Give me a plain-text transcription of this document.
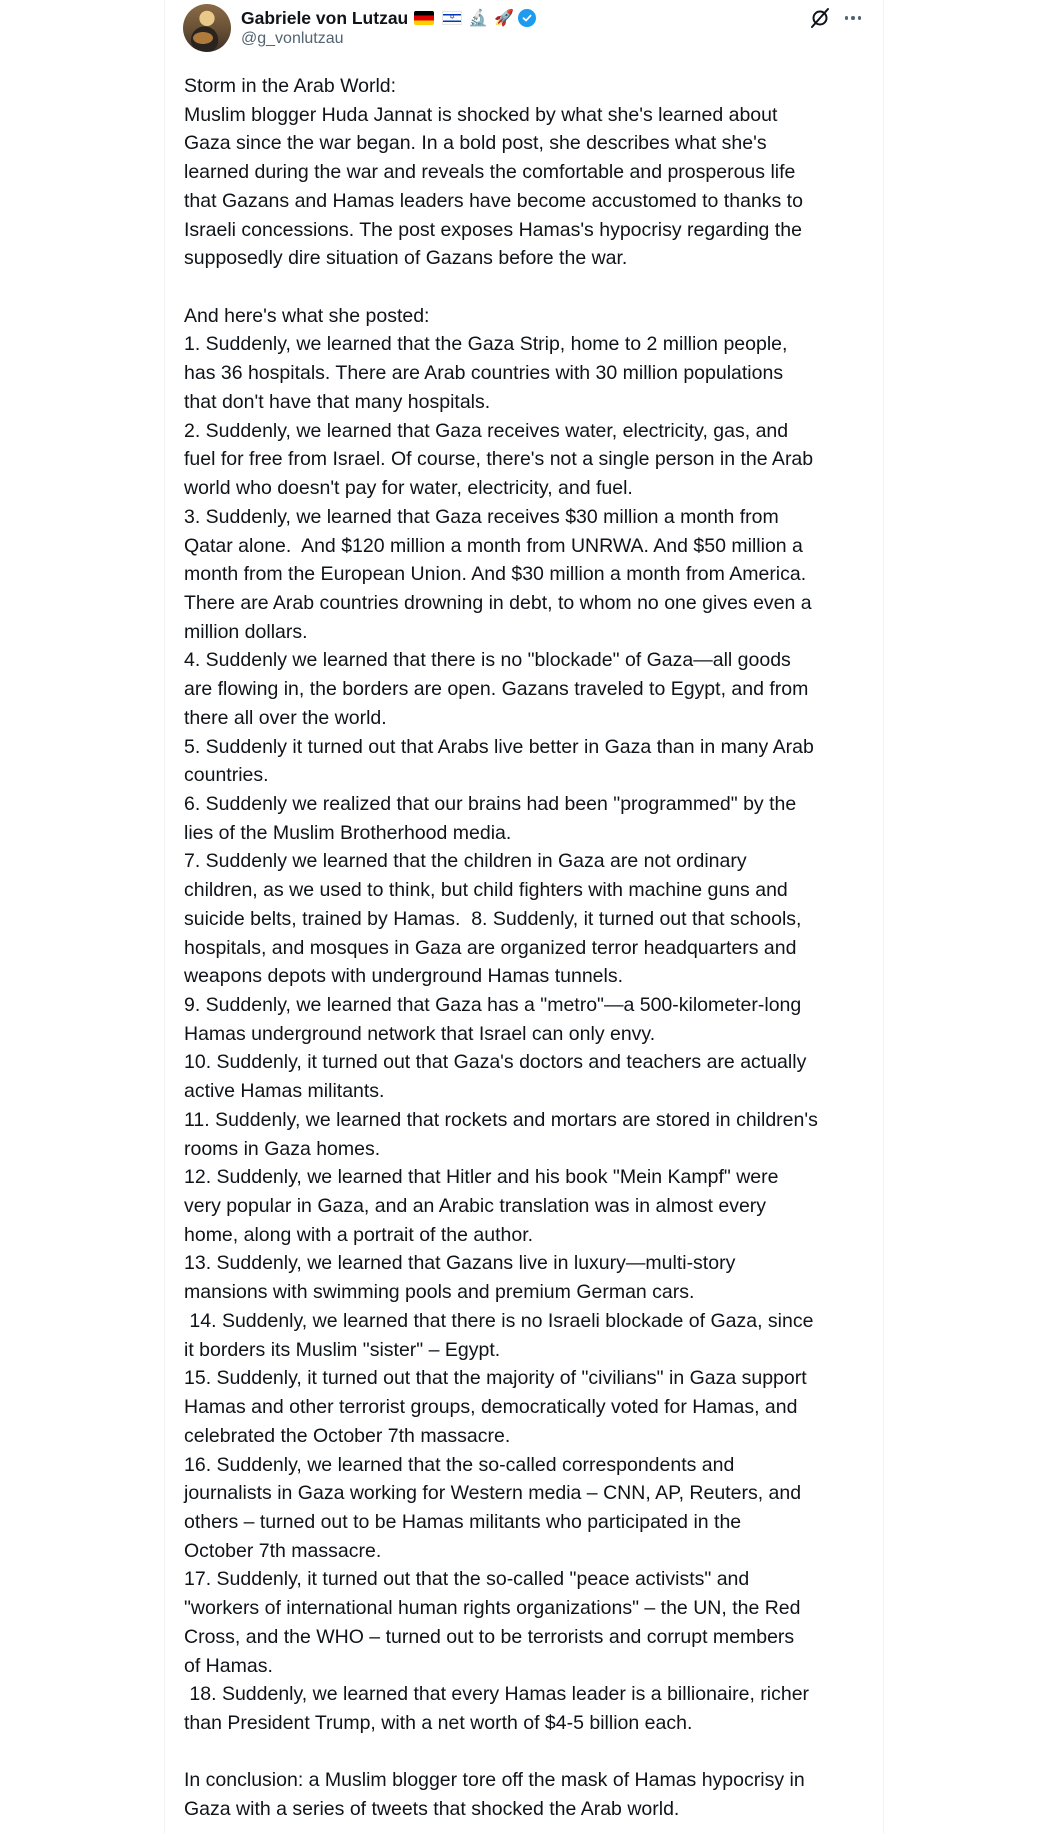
Gabriele von Lutzau ✡	🔬 🚀
@g_vonlutzau
Storm in the Arab World:
Muslim blogger Huda Jannat is shocked by what she's learned about
Gaza since the war began. In a bold post, she describes what she's
learned during the war and reveals the comfortable and prosperous life
that Gazans and Hamas leaders have become accustomed to thanks to
Israeli concessions. The post exposes Hamas's hypocrisy regarding the
supposedly dire situation of Gazans before the war.
And here's what she posted:
1. Suddenly, we learned that the Gaza Strip, home to 2 million people,
has 36 hospitals. There are Arab countries with 30 million populations
that don't have that many hospitals.
2. Suddenly, we learned that Gaza receives water, electricity, gas, and
fuel for free from Israel. Of course, there's not a single person in the Arab
world who doesn't pay for water, electricity, and fuel.
3. Suddenly, we learned that Gaza receives $30 million a month from
Qatar alone.  And $120 million a month from UNRWA. And $50 million a
month from the European Union. And $30 million a month from America.
There are Arab countries drowning in debt, to whom no one gives even a
million dollars.
4. Suddenly we learned that there is no "blockade" of Gaza—all goods
are flowing in, the borders are open. Gazans traveled to Egypt, and from
there all over the world.
5. Suddenly it turned out that Arabs live better in Gaza than in many Arab
countries.
6. Suddenly we realized that our brains had been "programmed" by the
lies of the Muslim Brotherhood media.
7. Suddenly we learned that the children in Gaza are not ordinary
children, as we used to think, but child fighters with machine guns and
suicide belts, trained by Hamas.  8. Suddenly, it turned out that schools,
hospitals, and mosques in Gaza are organized terror headquarters and
weapons depots with underground Hamas tunnels.
9. Suddenly, we learned that Gaza has a "metro"—a 500-kilometer-long
Hamas underground network that Israel can only envy.
10. Suddenly, it turned out that Gaza's doctors and teachers are actually
active Hamas militants.
11. Suddenly, we learned that rockets and mortars are stored in children's
rooms in Gaza homes.
12. Suddenly, we learned that Hitler and his book "Mein Kampf" were
very popular in Gaza, and an Arabic translation was in almost every
home, along with a portrait of the author.
13. Suddenly, we learned that Gazans live in luxury—multi-story
mansions with swimming pools and premium German cars.
14. Suddenly, we learned that there is no Israeli blockade of Gaza, since
it borders its Muslim "sister" – Egypt.
15. Suddenly, it turned out that the majority of "civilians" in Gaza support
Hamas and other terrorist groups, democratically voted for Hamas, and
celebrated the October 7th massacre.
16. Suddenly, we learned that the so-called correspondents and
journalists in Gaza working for Western media – CNN, AP, Reuters, and
others – turned out to be Hamas militants who participated in the
October 7th massacre.
17. Suddenly, it turned out that the so-called "peace activists" and
"workers of international human rights organizations" – the UN, the Red
Cross, and the WHO – turned out to be terrorists and corrupt members
of Hamas.
18. Suddenly, we learned that every Hamas leader is a billionaire, richer
than President Trump, with a net worth of $4-5 billion each.
In conclusion: a Muslim blogger tore off the mask of Hamas hypocrisy in
Gaza with a series of tweets that shocked the Arab world.
